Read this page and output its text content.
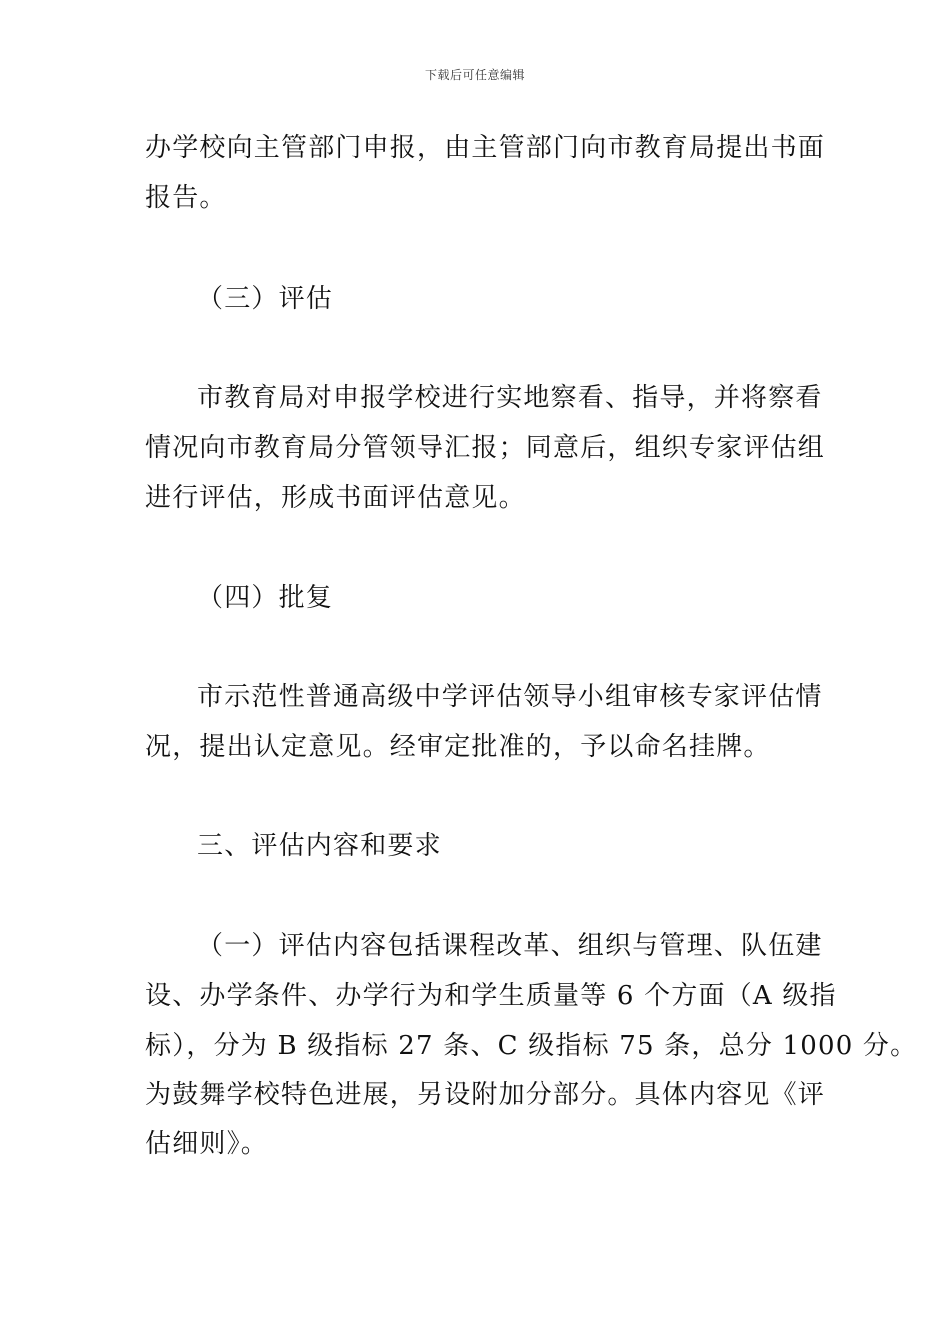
下载后可任意编辑
办学校向主管部门申报，由主管部门向市教育局提出书面
报告。
（三）评估
市教育局对申报学校进行实地察看、指导，并将察看
情况向市教育局分管领导汇报；同意后，组织专家评估组
进行评估，形成书面评估意见。
（四）批复
市示范性普通高级中学评估领导小组审核专家评估情
况，提出认定意见。经审定批准的，予以命名挂牌。
三、评估内容和要求
（一）评估内容包括课程改革、组织与管理、队伍建
设、办学条件、办学行为和学生质量等 6 个方面（A 级指
标），分为 B 级指标 27 条、C 级指标 75 条，总分 1000 分。
为鼓舞学校特色进展，另设附加分部分。具体内容见《评
估细则》。
